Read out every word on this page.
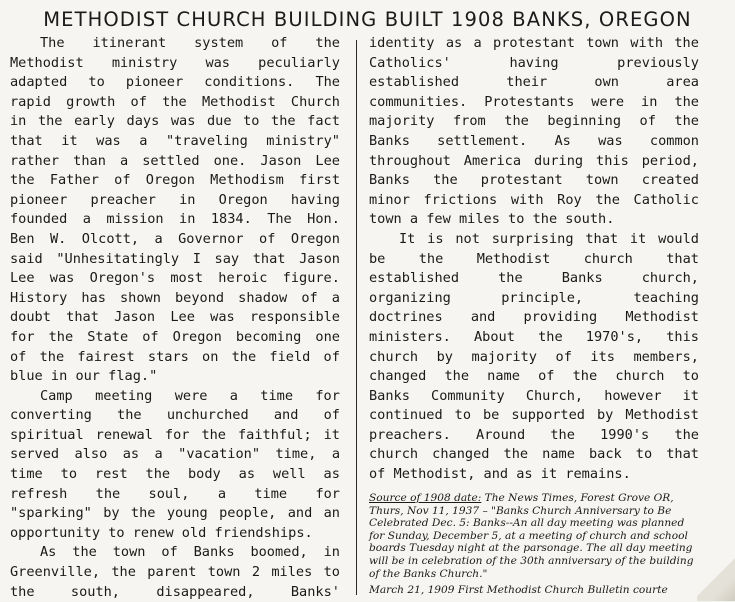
METHODIST CHURCH BUILDING BUILT 1908 BANKS, OREGON
The itinerant system of the
Methodist ministry was peculiarly
adapted to pioneer conditions. The
rapid growth of the Methodist Church
in the early days was due to the fact
that it was a "traveling ministry"
rather than a settled one. Jason Lee
the Father of Oregon Methodism first
pioneer preacher in Oregon having
founded a mission in 1834. The Hon.
Ben W. Olcott, a Governor of Oregon
said "Unhesitatingly I say that Jason
Lee was Oregon's most heroic figure.
History has shown beyond shadow of a
doubt that Jason Lee was responsible
for the State of Oregon becoming one
of the fairest stars on the field of
blue in our flag."
Camp meeting were a time for
converting the unchurched and of
spiritual renewal for the faithful; it
served also as a "vacation" time, a
time to rest the body as well as
refresh the soul, a time for
"sparking" by the young people, and an
opportunity to renew old friendships.
As the town of Banks boomed, in
Greenville, the parent town 2 miles to
the	south,	disappeared,	Banks'
identity as a protestant town with the
Catholics'	having	previously
established	their	own	area
communities. Protestants were in the
majority from the beginning of the
Banks settlement. As was common
throughout America during this period,
Banks the protestant town created
minor frictions with Roy the Catholic
town a few miles to the south.
It is not surprising that it would
be the Methodist church that
established	the	Banks	church,
organizing	principle,	teaching
doctrines and providing Methodist
ministers. About the 1970's, this
church by majority of its members,
changed the name of the church to
Banks Community Church, however it
continued to be supported by Methodist
preachers. Around the 1990's the
church changed the name back to that
of Methodist, and as it remains.
Source of 1908 date: The News Times, Forest Grove OR,
Thurs, Nov 11, 1937 – "Banks Church Anniversary to Be
Celebrated Dec. 5: Banks--An all day meeting was planned
for Sunday, December 5, at a meeting of church and school
boards Tuesday night at the parsonage. The all day meeting
will be in celebration of the 30th anniversary of the building
of the Banks Church."
March 21, 1909 First Methodist Church Bulletin courte
